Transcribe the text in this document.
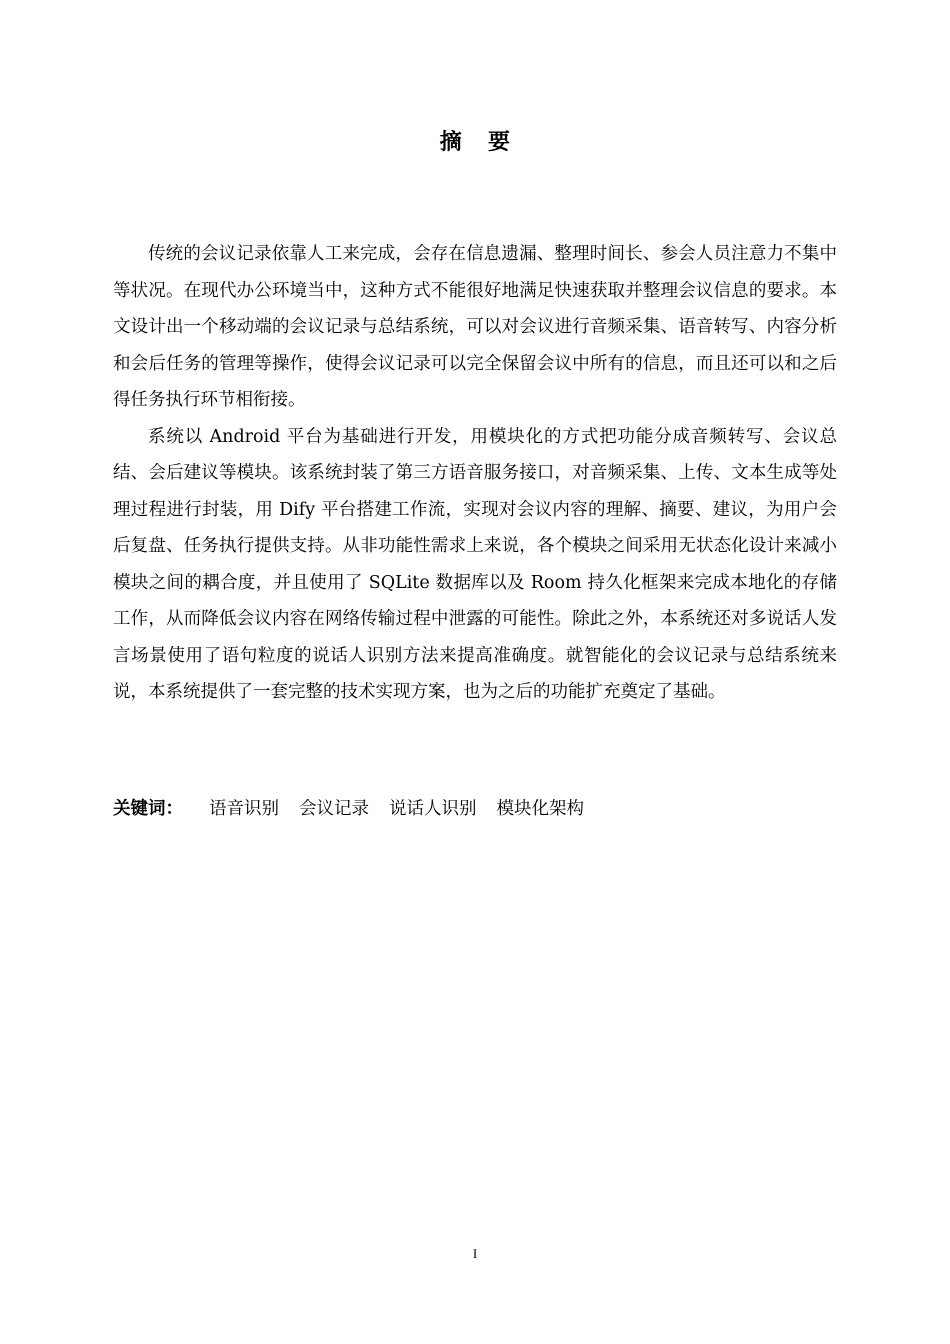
摘 要

传统的会议记录依靠人工来完成，会存在信息遗漏、整理时间长、参会人员注意力不集中等状况。在现代办公环境当中，这种方式不能很好地满足快速获取并整理会议信息的要求。本文设计出一个移动端的会议记录与总结系统，可以对会议进行音频采集、语音转写、内容分析和会后任务的管理等操作，使得会议记录可以完全保留会议中所有的信息，而且还可以和之后得任务执行环节相衔接。

系统以 Android 平台为基础进行开发，用模块化的方式把功能分成音频转写、会议总结、会后建议等模块。该系统封装了第三方语音服务接口，对音频采集、上传、文本生成等处理过程进行封装，用 Dify 平台搭建工作流，实现对会议内容的理解、摘要、建议，为用户会后复盘、任务执行提供支持。从非功能性需求上来说，各个模块之间采用无状态化设计来减小模块之间的耦合度，并且使用了 SQLite 数据库以及 Room 持久化框架来完成本地化的存储工作，从而降低会议内容在网络传输过程中泄露的可能性。除此之外，本系统还对多说话人发言场景使用了语句粒度的说话人识别方法来提高准确度。就智能化的会议记录与总结系统来说，本系统提供了一套完整的技术实现方案，也为之后的功能扩充奠定了基础。

关键词： 语音识别 会议记录 说话人识别 模块化架构
I
